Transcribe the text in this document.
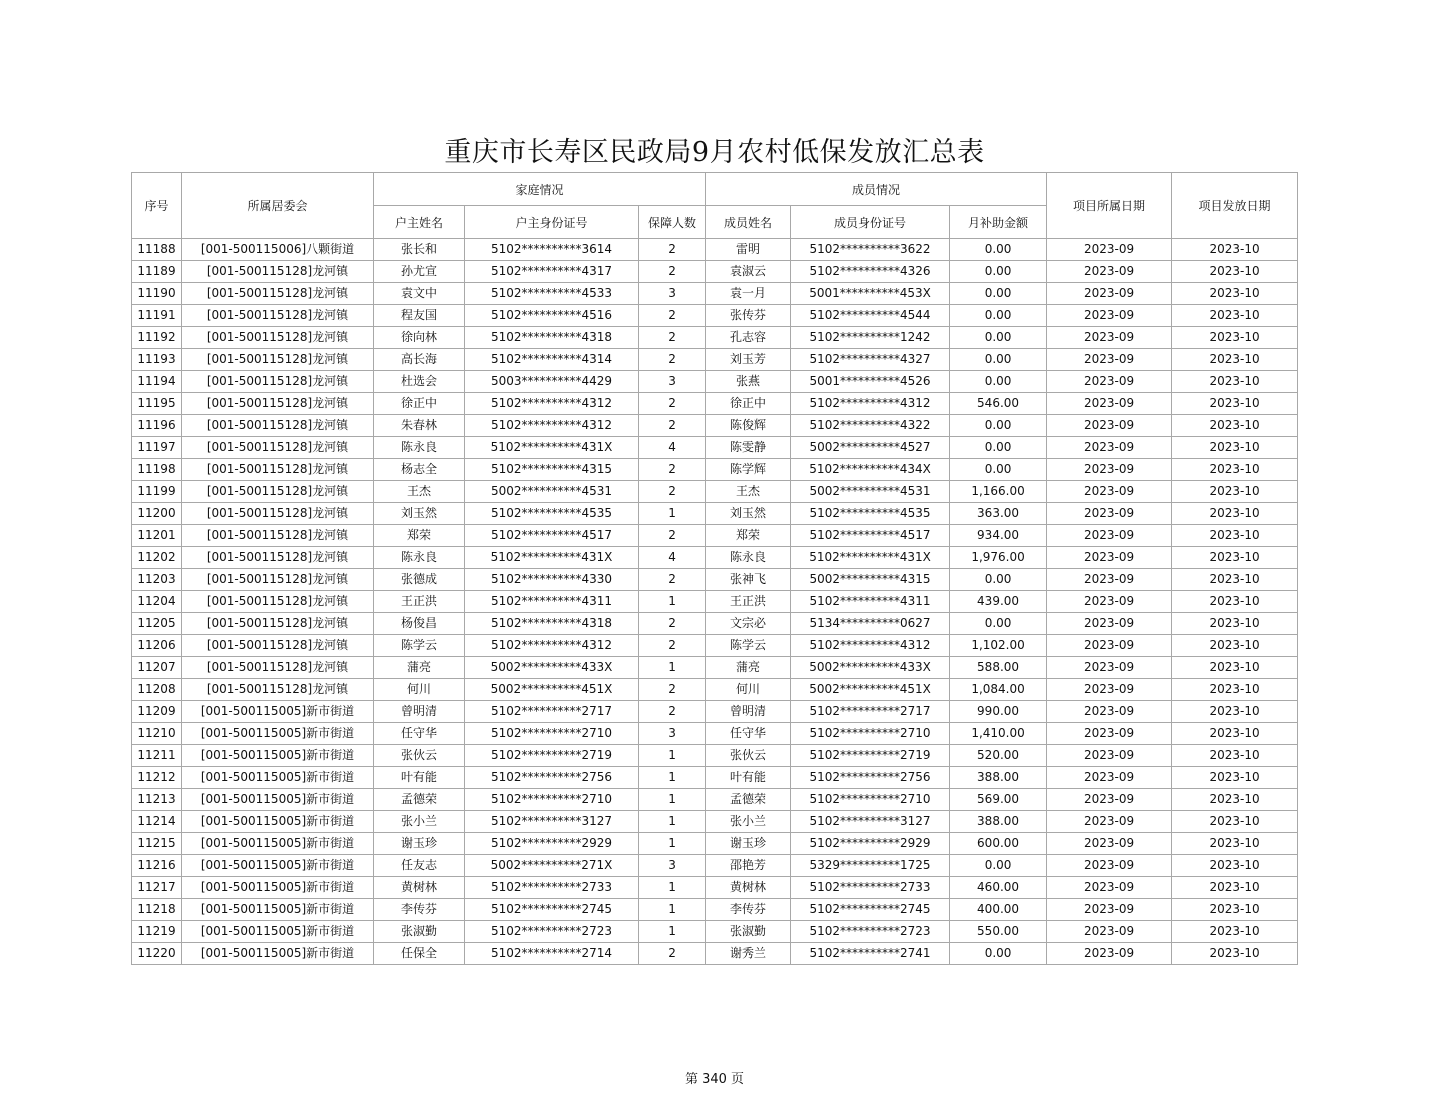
重庆市长寿区民政局9月农村低保发放汇总表
序号	所属居委会	家庭情况			成员情况			项目所属日期	项目发放日期
		户主姓名	户主身份证号	保障人数	成员姓名	成员身份证号	月补助金额		
11188	[001-500115006]八颗街道	张长和	5102**********3614	2	雷明	5102**********3622	0.00	2023-09	2023-10
11189	[001-500115128]龙河镇	孙尤宣	5102**********4317	2	袁淑云	5102**********4326	0.00	2023-09	2023-10
11190	[001-500115128]龙河镇	袁文中	5102**********4533	3	袁一月	5001**********453X	0.00	2023-09	2023-10
11191	[001-500115128]龙河镇	程友国	5102**********4516	2	张传芬	5102**********4544	0.00	2023-09	2023-10
11192	[001-500115128]龙河镇	徐向林	5102**********4318	2	孔志容	5102**********1242	0.00	2023-09	2023-10
11193	[001-500115128]龙河镇	高长海	5102**********4314	2	刘玉芳	5102**********4327	0.00	2023-09	2023-10
11194	[001-500115128]龙河镇	杜选会	5003**********4429	3	张燕	5001**********4526	0.00	2023-09	2023-10
11195	[001-500115128]龙河镇	徐正中	5102**********4312	2	徐正中	5102**********4312	546.00	2023-09	2023-10
11196	[001-500115128]龙河镇	朱春林	5102**********4312	2	陈俊辉	5102**********4322	0.00	2023-09	2023-10
11197	[001-500115128]龙河镇	陈永良	5102**********431X	4	陈雯静	5002**********4527	0.00	2023-09	2023-10
11198	[001-500115128]龙河镇	杨志全	5102**********4315	2	陈学辉	5102**********434X	0.00	2023-09	2023-10
11199	[001-500115128]龙河镇	王杰	5002**********4531	2	王杰	5002**********4531	1,166.00	2023-09	2023-10
11200	[001-500115128]龙河镇	刘玉然	5102**********4535	1	刘玉然	5102**********4535	363.00	2023-09	2023-10
11201	[001-500115128]龙河镇	郑荣	5102**********4517	2	郑荣	5102**********4517	934.00	2023-09	2023-10
11202	[001-500115128]龙河镇	陈永良	5102**********431X	4	陈永良	5102**********431X	1,976.00	2023-09	2023-10
11203	[001-500115128]龙河镇	张德成	5102**********4330	2	张神飞	5002**********4315	0.00	2023-09	2023-10
11204	[001-500115128]龙河镇	王正洪	5102**********4311	1	王正洪	5102**********4311	439.00	2023-09	2023-10
11205	[001-500115128]龙河镇	杨俊昌	5102**********4318	2	文宗必	5134**********0627	0.00	2023-09	2023-10
11206	[001-500115128]龙河镇	陈学云	5102**********4312	2	陈学云	5102**********4312	1,102.00	2023-09	2023-10
11207	[001-500115128]龙河镇	蒲亮	5002**********433X	1	蒲亮	5002**********433X	588.00	2023-09	2023-10
11208	[001-500115128]龙河镇	何川	5002**********451X	2	何川	5002**********451X	1,084.00	2023-09	2023-10
11209	[001-500115005]新市街道	曾明清	5102**********2717	2	曾明清	5102**********2717	990.00	2023-09	2023-10
11210	[001-500115005]新市街道	任守华	5102**********2710	3	任守华	5102**********2710	1,410.00	2023-09	2023-10
11211	[001-500115005]新市街道	张伙云	5102**********2719	1	张伙云	5102**********2719	520.00	2023-09	2023-10
11212	[001-500115005]新市街道	叶有能	5102**********2756	1	叶有能	5102**********2756	388.00	2023-09	2023-10
11213	[001-500115005]新市街道	孟德荣	5102**********2710	1	孟德荣	5102**********2710	569.00	2023-09	2023-10
11214	[001-500115005]新市街道	张小兰	5102**********3127	1	张小兰	5102**********3127	388.00	2023-09	2023-10
11215	[001-500115005]新市街道	谢玉珍	5102**********2929	1	谢玉珍	5102**********2929	600.00	2023-09	2023-10
11216	[001-500115005]新市街道	任友志	5002**********271X	3	邵艳芳	5329**********1725	0.00	2023-09	2023-10
11217	[001-500115005]新市街道	黄树林	5102**********2733	1	黄树林	5102**********2733	460.00	2023-09	2023-10
11218	[001-500115005]新市街道	李传芬	5102**********2745	1	李传芬	5102**********2745	400.00	2023-09	2023-10
11219	[001-500115005]新市街道	张淑勤	5102**********2723	1	张淑勤	5102**********2723	550.00	2023-09	2023-10
11220	[001-500115005]新市街道	任保全	5102**********2714	2	谢秀兰	5102**********2741	0.00	2023-09	2023-10
第 340 页
